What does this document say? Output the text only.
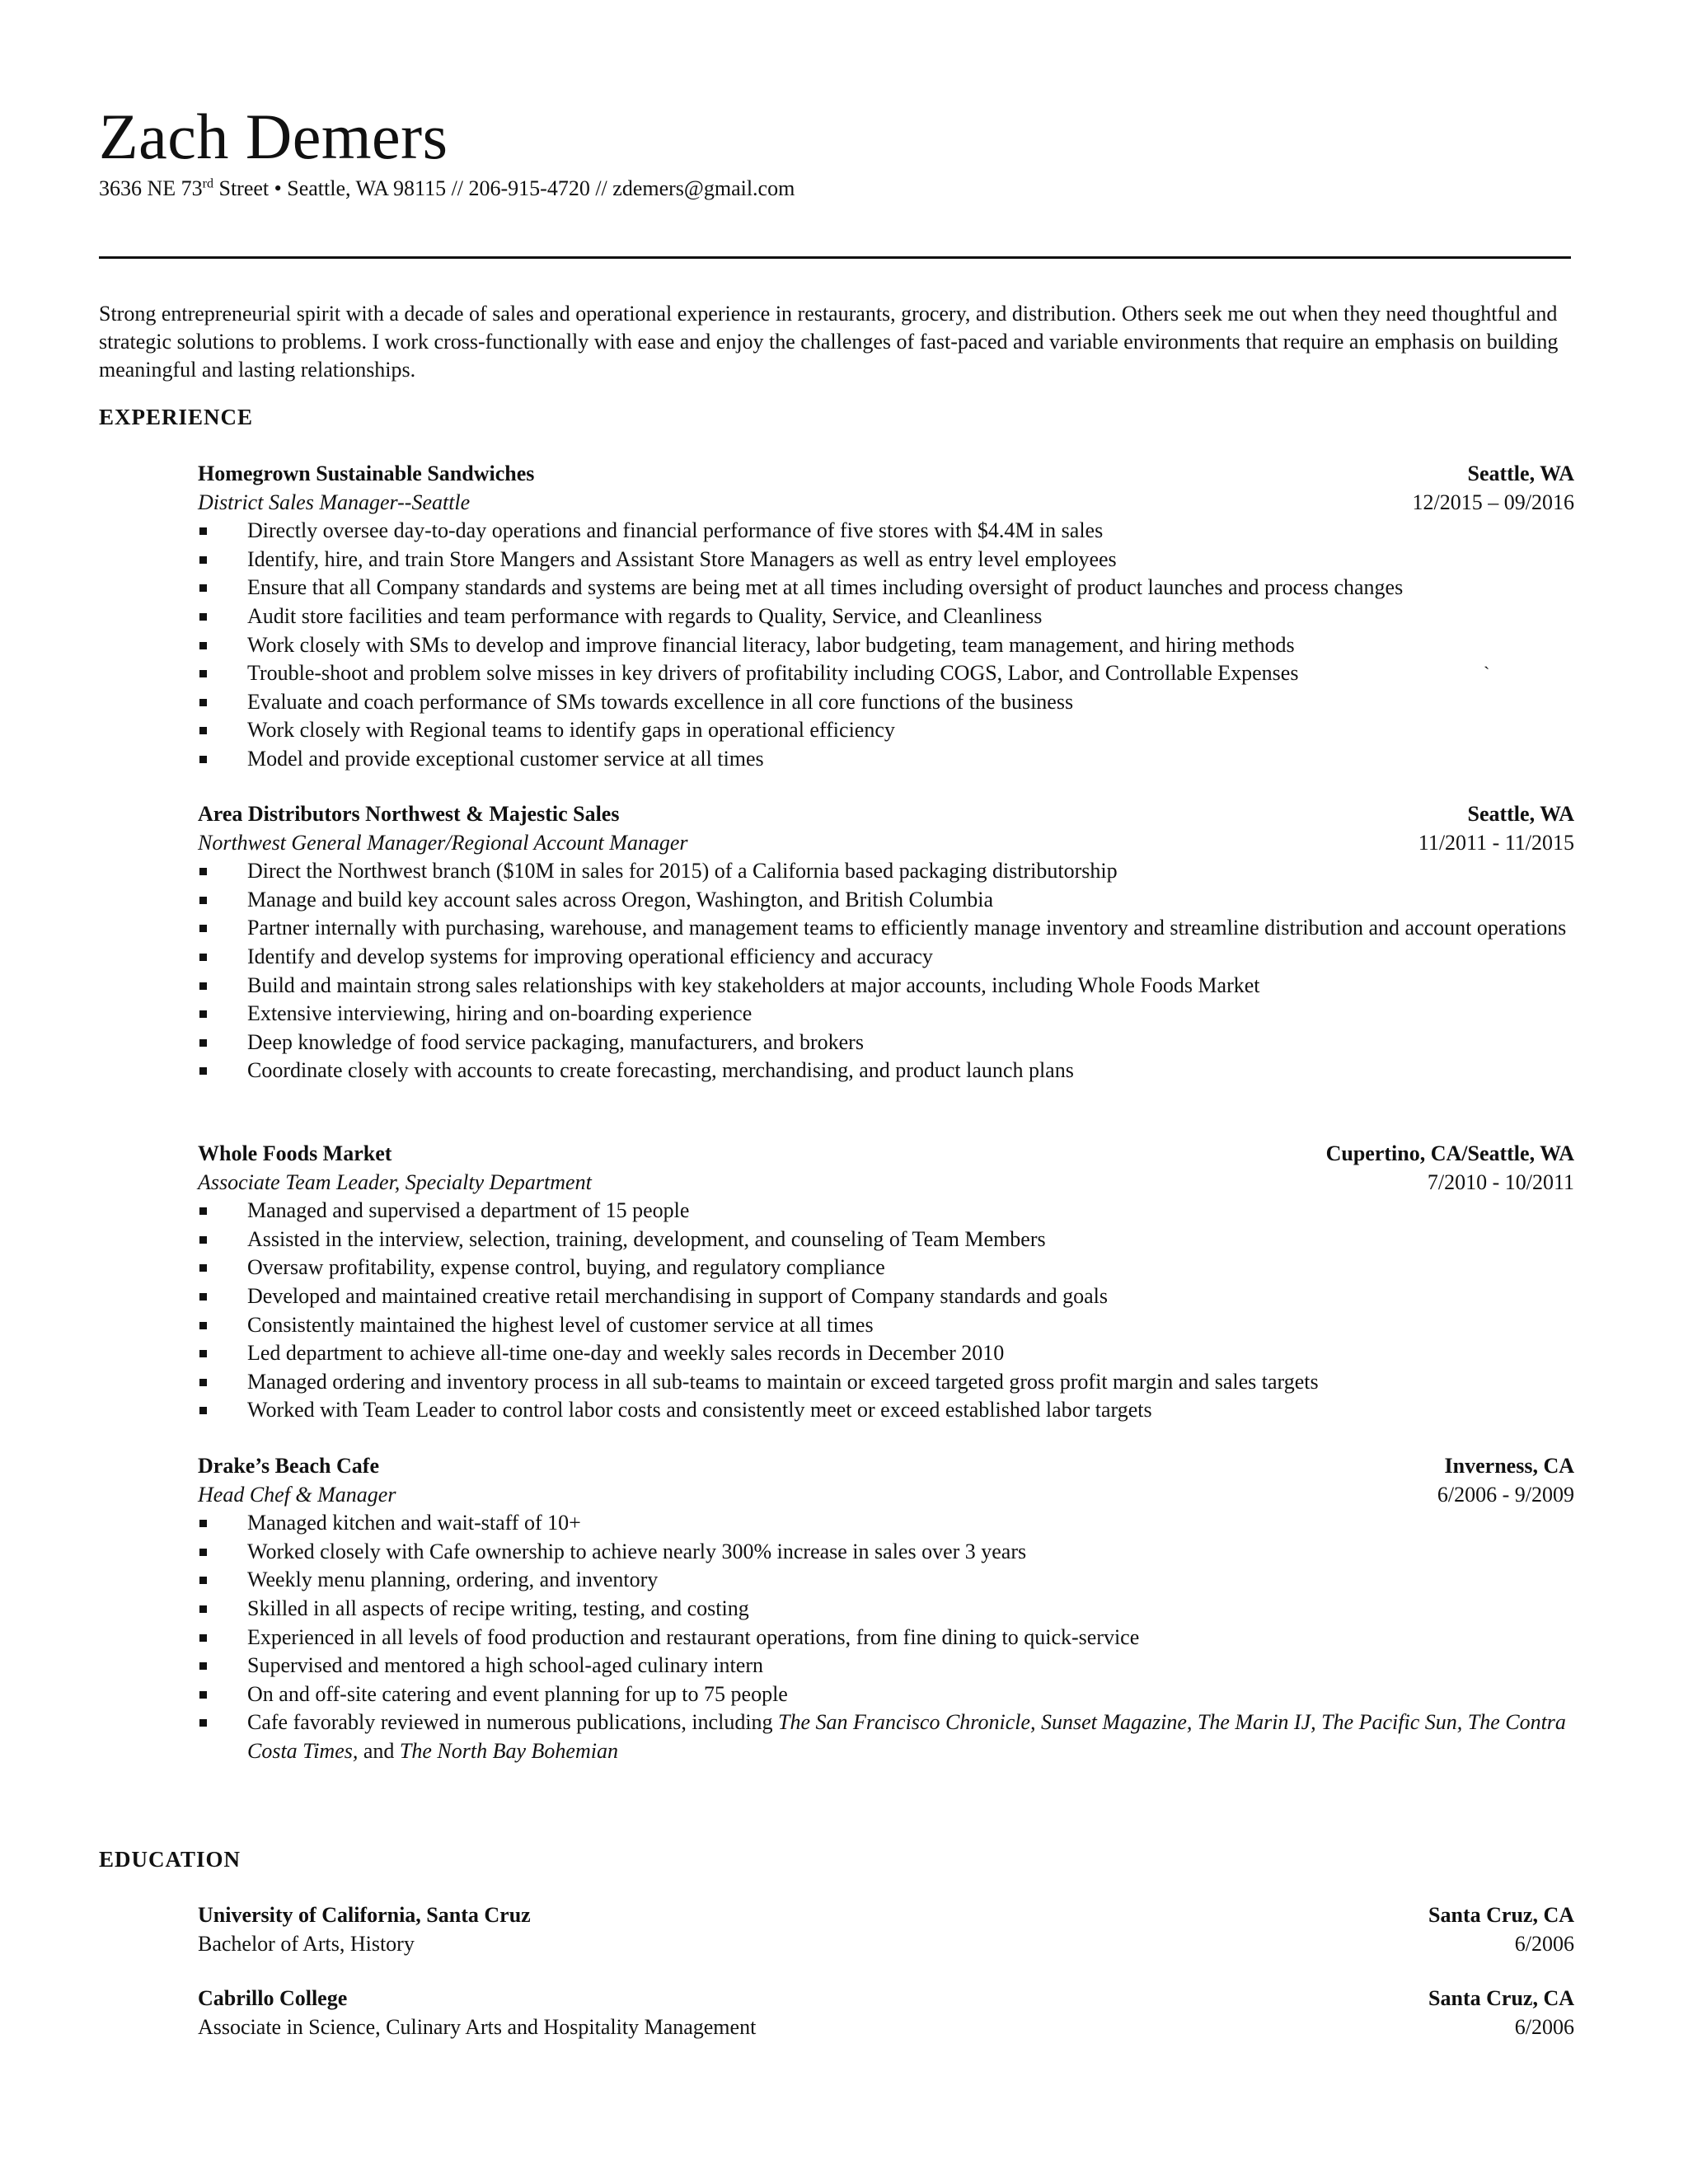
Zach Demers
3636 NE 73rd Street • Seattle, WA 98115 // 206-915-4720 // zdemers@gmail.com
Strong entrepreneurial spirit with a decade of sales and operational experience in restaurants, grocery, and distribution. Others seek me out when they need thoughtful and strategic solutions to problems. I work cross-functionally with ease and enjoy the challenges of fast-paced and variable environments that require an emphasis on building meaningful and lasting relationships.
EXPERIENCE
Homegrown Sustainable Sandwiches	Seattle, WA
District Sales Manager--Seattle	12/2015 – 09/2016
Directly oversee day-to-day operations and financial performance of five stores with $4.4M in sales
Identify, hire, and train Store Mangers and Assistant Store Managers as well as entry level employees
Ensure that all Company standards and systems are being met at all times including oversight of product launches and process changes
Audit store facilities and team performance with regards to Quality, Service, and Cleanliness
Work closely with SMs to develop and improve financial literacy, labor budgeting, team management, and hiring methods
Trouble-shoot and problem solve misses in key drivers of profitability including COGS, Labor, and Controllable Expenses
Evaluate and coach performance of SMs towards excellence in all core functions of the business
Work closely with Regional teams to identify gaps in operational efficiency
Model and provide exceptional customer service at all times
`
Area Distributors Northwest & Majestic Sales	Seattle, WA
Northwest General Manager/Regional Account Manager	11/2011 - 11/2015
Direct the Northwest branch ($10M in sales for 2015) of a California based packaging distributorship
Manage and build key account sales across Oregon, Washington, and British Columbia
Partner internally with purchasing, warehouse, and management teams to efficiently manage inventory and streamline distribution and account operations
Identify and develop systems for improving operational efficiency and accuracy
Build and maintain strong sales relationships with key stakeholders at major accounts, including Whole Foods Market
Extensive interviewing, hiring and on-boarding experience
Deep knowledge of food service packaging, manufacturers, and brokers
Coordinate closely with accounts to create forecasting, merchandising, and product launch plans
Whole Foods Market	Cupertino, CA/Seattle, WA
Associate Team Leader, Specialty Department	7/2010 - 10/2011
Managed and supervised a department of 15 people
Assisted in the interview, selection, training, development, and counseling of Team Members
Oversaw profitability, expense control, buying, and regulatory compliance
Developed and maintained creative retail merchandising in support of Company standards and goals
Consistently maintained the highest level of customer service at all times
Led department to achieve all-time one-day and weekly sales records in December 2010
Managed ordering and inventory process in all sub-teams to maintain or exceed targeted gross profit margin and sales targets
Worked with Team Leader to control labor costs and consistently meet or exceed established labor targets
Drake’s Beach Cafe	Inverness, CA
Head Chef & Manager	6/2006 - 9/2009
Managed kitchen and wait-staff of 10+
Worked closely with Cafe ownership to achieve nearly 300% increase in sales over 3 years
Weekly menu planning, ordering, and inventory
Skilled in all aspects of recipe writing, testing, and costing
Experienced in all levels of food production and restaurant operations, from fine dining to quick-service
Supervised and mentored a high school-aged culinary intern
On and off-site catering and event planning for up to 75 people
Cafe favorably reviewed in numerous publications, including The San Francisco Chronicle, Sunset Magazine, The Marin IJ, The Pacific Sun, The Contra Costa Times, and The North Bay Bohemian
EDUCATION
University of California, Santa Cruz	Santa Cruz, CA
Bachelor of Arts, History	6/2006
Cabrillo College	Santa Cruz, CA
Associate in Science, Culinary Arts and Hospitality Management	6/2006
